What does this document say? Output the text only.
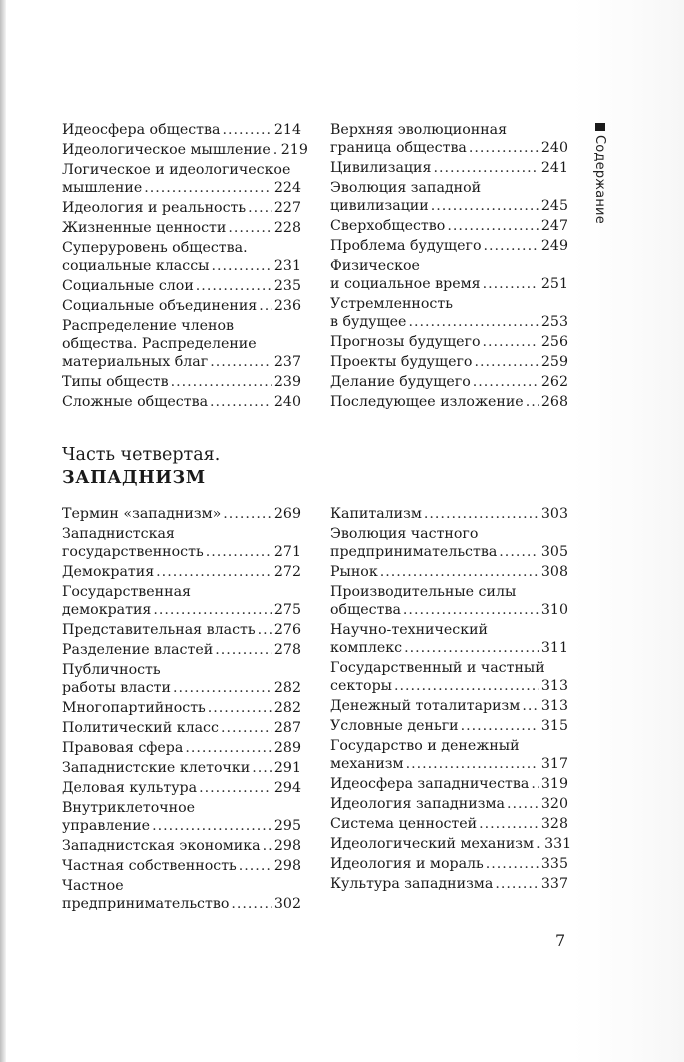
Содержание
Идеосфера общества .....	214
Идеологическое мышление ..... 219
Логическое и идеологическое
мышление .....	224
Идеология и реальность ..... 227
Жизненные ценности .....	228
Суперуровень общества.
социальные классы .....	231
Социальные слои .....	235
Социальные объединения ..... 236
Распределение членов
общества. Распределение
материальных благ .....	237
Типы обществ .....	239
Сложные общества .....	240
Верхняя эволюционная
граница общества .....	240
Цивилизация .....	241
Эволюция западной
цивилизации .....	245
Сверхобщество .....	247
Проблема будущего .....	249
Физическое
и социальное время .....	251
Устремленность
в будущее .....	253
Прогнозы будущего .....	256
Проекты будущего .....	259
Делание будущего .....	262
Последующее изложение ..... 268
Часть четвертая.
ЗАПАДНИЗМ
Термин «западнизм» .....	269
Западнистская
государственность .....	271
Демократия .....	272
Государственная
демократия .....	275
Представительная власть ..... 276
Разделение властей .....	278
Публичность
работы власти .....	282
Многопартийность .....	282
Политический класс .....	287
Правовая сфера .....	289
Западнистские клеточки ..... 291
Деловая культура .....	294
Внутриклеточное
управление .....	295
Западнистская экономика ..... 298
Частная собственность .....	298
Частное
предпринимательство .....	302
Капитализм .....	303
Эволюция частного
предпринимательства .....	305
Рынок .....	308
Производительные силы
общества .....	310
Научно-технический
комплекс .....	311
Государственный и частный
секторы .....	313
Денежный тоталитаризм ..... 313
Условные деньги .....	315
Государство и денежный
механизм .....	317
Идеосфера западничества ..... 319
Идеология западнизма .....	320
Система ценностей .....	328
Идеологический механизм ..... 331
Идеология и мораль .....	335
Культура западнизма .....	337
7
